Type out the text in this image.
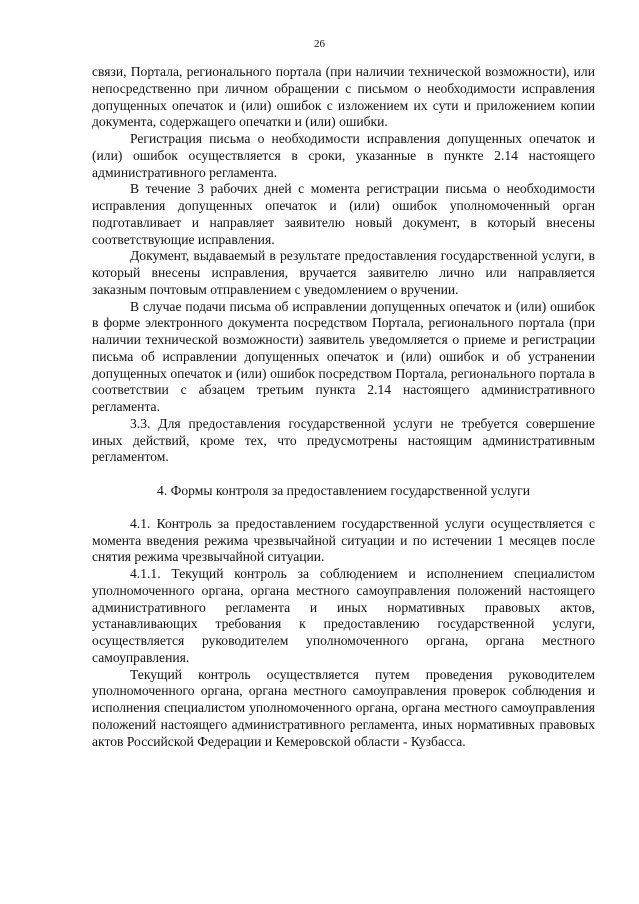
26

связи, Портала, регионального портала (при наличии технической возможности), или непосредственно при личном обращении с письмом о необходимости исправления допущенных опечаток и (или) ошибок с изложением их сути и приложением копии документа, содержащего опечатки и (или) ошибки.

Регистрация письма о необходимости исправления допущенных опечаток и (или) ошибок осуществляется в сроки, указанные в пункте 2.14 настоящего административного регламента.

В течение 3 рабочих дней с момента регистрации письма о необходимости исправления допущенных опечаток и (или) ошибок уполномоченный орган подготавливает и направляет заявителю новый документ, в который внесены соответствующие исправления.

Документ, выдаваемый в результате предоставления государственной услуги, в который внесены исправления, вручается заявителю лично или направляется заказным почтовым отправлением с уведомлением о вручении.

В случае подачи письма об исправлении допущенных опечаток и (или) ошибок в форме электронного документа посредством Портала, регионального портала (при наличии технической возможности) заявитель уведомляется о приеме и регистрации письма об исправлении допущенных опечаток и (или) ошибок и об устранении допущенных опечаток и (или) ошибок посредством Портала, регионального портала в соответствии с абзацем третьим пункта 2.14 настоящего административного регламента.

3.3. Для предоставления государственной услуги не требуется совершение иных действий, кроме тех, что предусмотрены настоящим административным регламентом.

4. Формы контроля за предоставлением государственной услуги

4.1. Контроль за предоставлением государственной услуги осуществляется с момента введения режима чрезвычайной ситуации и по истечении 1 месяцев после снятия режима чрезвычайной ситуации.

4.1.1. Текущий контроль за соблюдением и исполнением специалистом уполномоченного органа, органа местного самоуправления положений настоящего административного регламента и иных нормативных правовых актов, устанавливающих требования к предоставлению государственной услуги, осуществляется руководителем уполномоченного органа, органа местного самоуправления.

Текущий контроль осуществляется путем проведения руководителем уполномоченного органа, органа местного самоуправления проверок соблюдения и исполнения специалистом уполномоченного органа, органа местного самоуправления положений настоящего административного регламента, иных нормативных правовых актов Российской Федерации и Кемеровской области - Кузбасса.
